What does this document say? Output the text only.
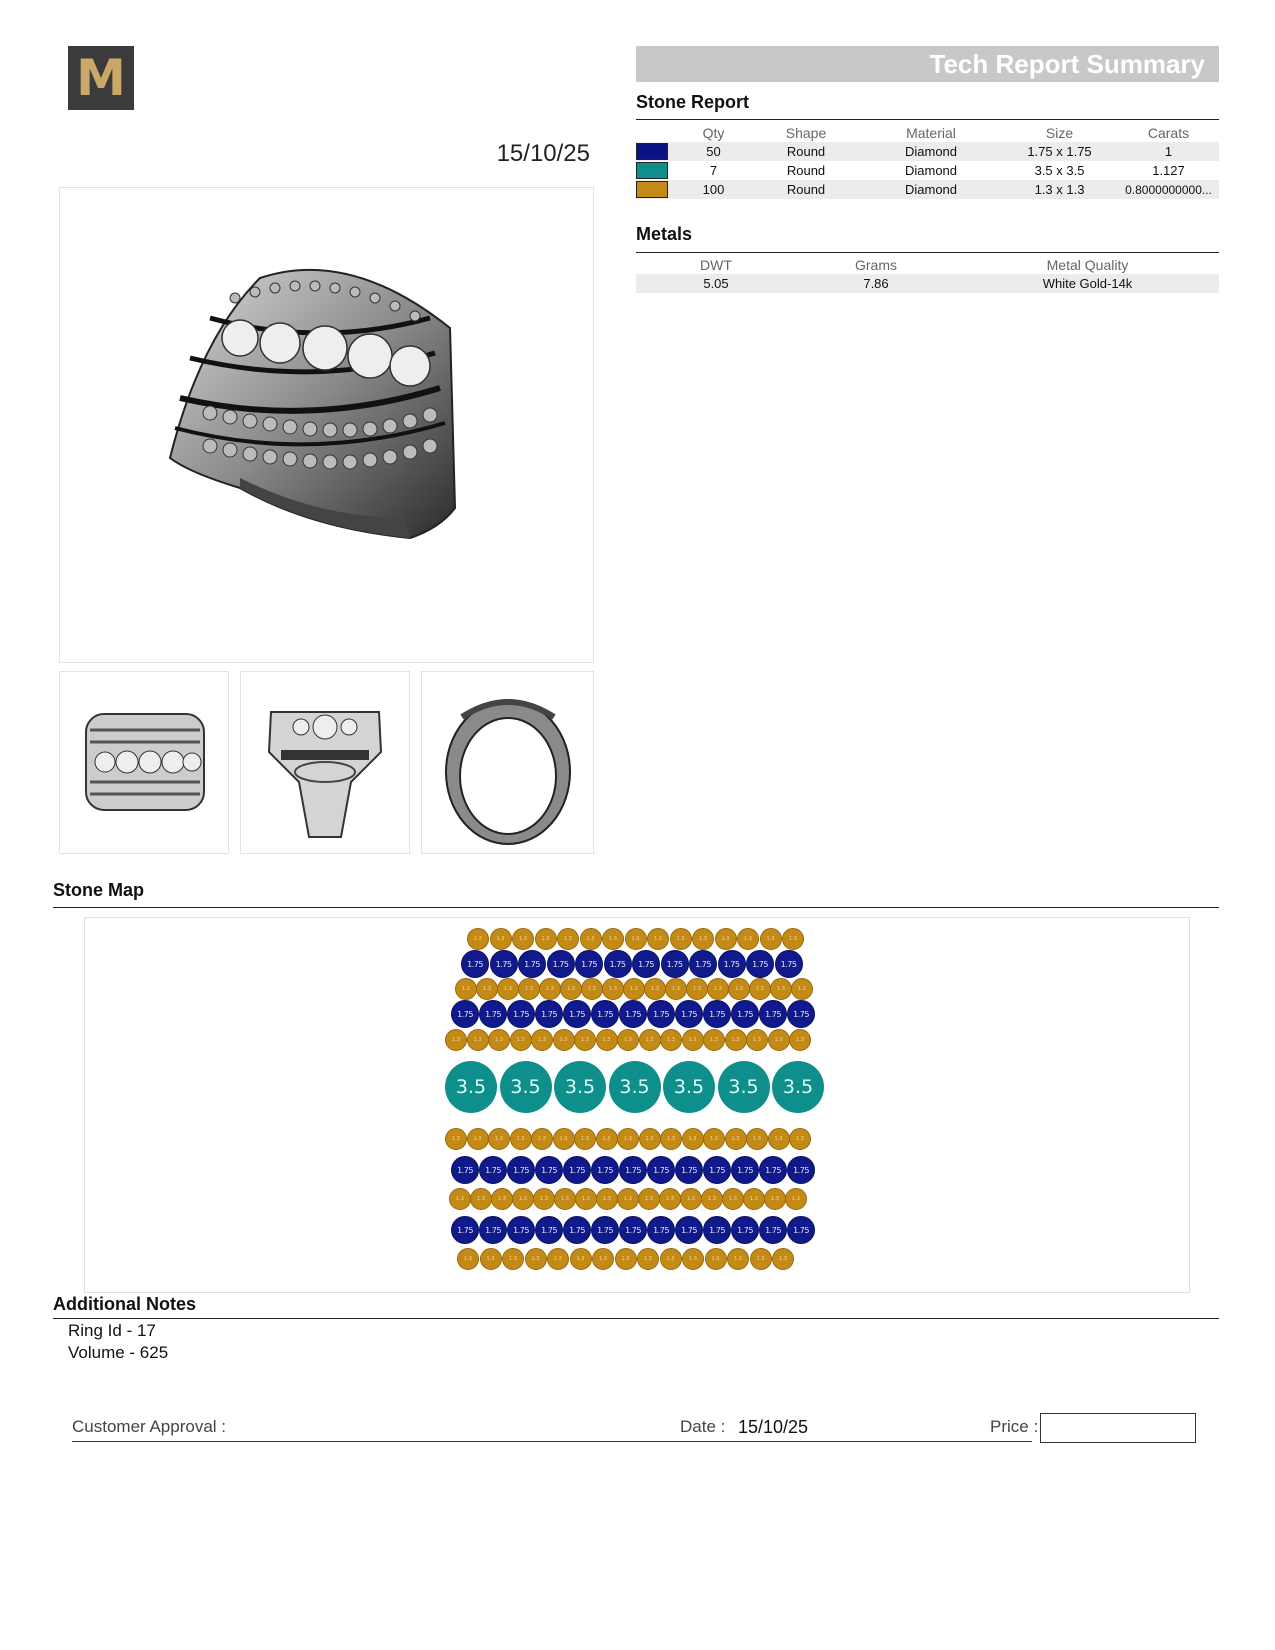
M
15/10/25
Tech Report Summary
Stone Report
	Qty	Shape	Material	Size	Carats
	50	Round	Diamond	1.75 x 1.75	1
	7	Round	Diamond	3.5 x 3.5	1.127
	100	Round	Diamond	1.3 x 1.3	0.8000000000...
Metals
DWT	Grams	Metal Quality
5.05	7.86	White Gold-14k
Stone Map
1.3	1.3	1.3	1.3	1.3	1.3	1.3	1.3	1.3	1.3	1.3	1.3	1.3	1.3	1.3
1.75	1.75	1.75	1.75	1.75	1.75	1.75	1.75	1.75	1.75	1.75	1.75
1.3	1.3	1.3	1.3	1.3	1.3	1.3	1.3	1.3	1.3	1.3	1.3	1.3	1.3	1.3	1.3	1.3
1.75	1.75	1.75	1.75	1.75	1.75	1.75	1.75	1.75	1.75	1.75	1.75	1.75
1.3	1.3	1.3	1.3	1.3	1.3	1.3	1.3	1.3	1.3	1.3	1.3	1.3	1.3	1.3	1.3	1.3
3.5	3.5	3.5	3.5	3.5	3.5	3.5
1.3	1.3	1.3	1.3	1.3	1.3	1.3	1.3	1.3	1.3	1.3	1.3	1.3	1.3	1.3	1.3	1.3
1.75	1.75	1.75	1.75	1.75	1.75	1.75	1.75	1.75	1.75	1.75	1.75	1.75
1.3	1.3	1.3	1.3	1.3	1.3	1.3	1.3	1.3	1.3	1.3	1.3	1.3	1.3	1.3	1.3	1.3
1.75	1.75	1.75	1.75	1.75	1.75	1.75	1.75	1.75	1.75	1.75	1.75	1.75
1.3	1.3	1.3	1.3	1.3	1.3	1.3	1.3	1.3	1.3	1.3	1.3	1.3	1.3	1.3
Additional Notes
Ring Id - 17
Volume - 625
Customer Approval :	Date : 15/10/25	Price :
